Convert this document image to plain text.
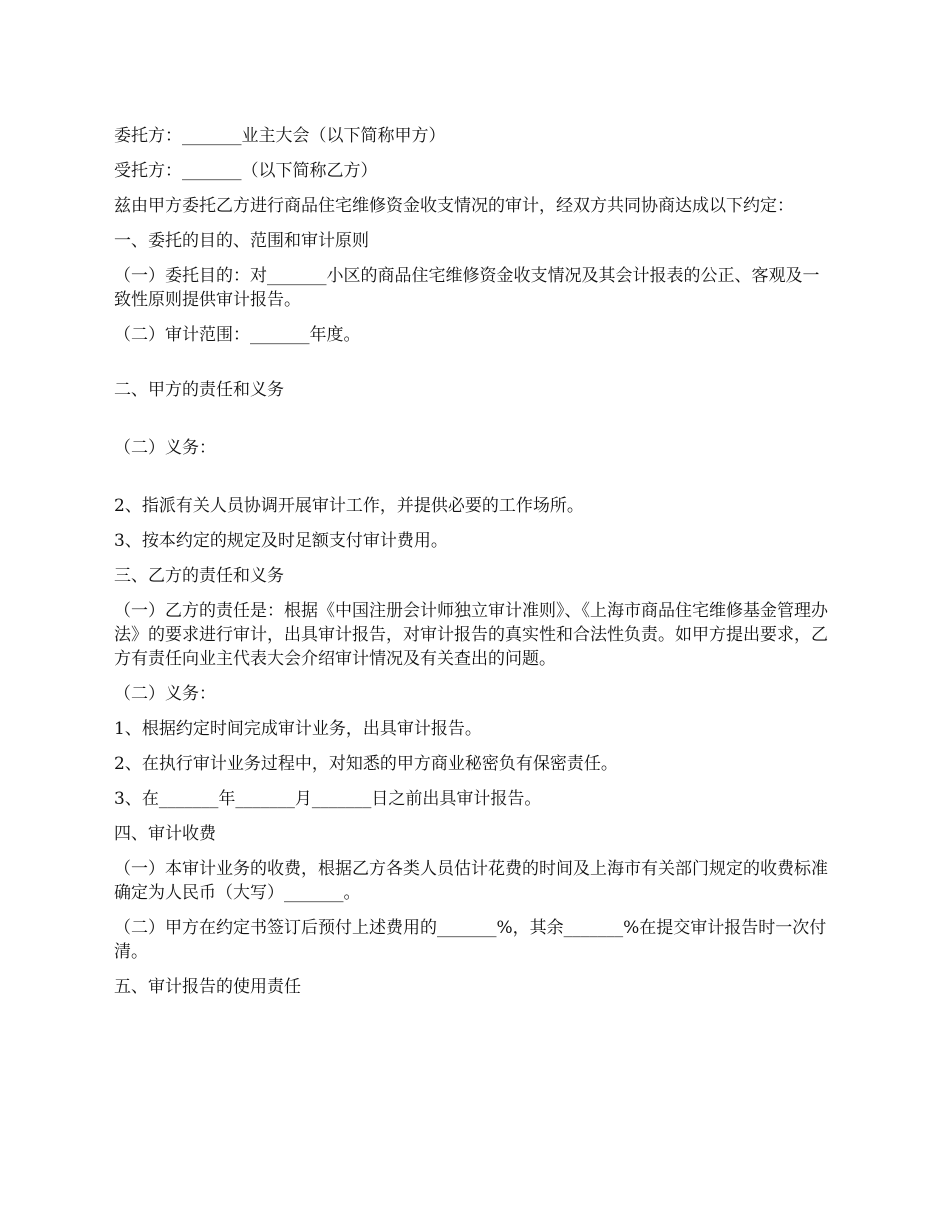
委托方：_______业主大会（以下简称甲方）

受托方：_______（以下简称乙方）

兹由甲方委托乙方进行商品住宅维修资金收支情况的审计，经双方共同协商达成以下约定：

一、委托的目的、范围和审计原则

（一）委托目的：对_______小区的商品住宅维修资金收支情况及其会计报表的公正、客观及一致性原则提供审计报告。

（二）审计范围：_______年度。

二、甲方的责任和义务

（二）义务：

2、指派有关人员协调开展审计工作，并提供必要的工作场所。

3、按本约定的规定及时足额支付审计费用。

三、乙方的责任和义务

（一）乙方的责任是：根据《中国注册会计师独立审计准则》、《上海市商品住宅维修基金管理办法》的要求进行审计，出具审计报告，对审计报告的真实性和合法性负责。如甲方提出要求，乙方有责任向业主代表大会介绍审计情况及有关查出的问题。

（二）义务：

1、根据约定时间完成审计业务，出具审计报告。

2、在执行审计业务过程中，对知悉的甲方商业秘密负有保密责任。

3、在_______年_______月_______日之前出具审计报告。

四、审计收费

（一）本审计业务的收费，根据乙方各类人员估计花费的时间及上海市有关部门规定的收费标准确定为人民币（大写）_______。

（二）甲方在约定书签订后预付上述费用的_______%，其余_______%在提交审计报告时一次付清。

五、审计报告的使用责任
